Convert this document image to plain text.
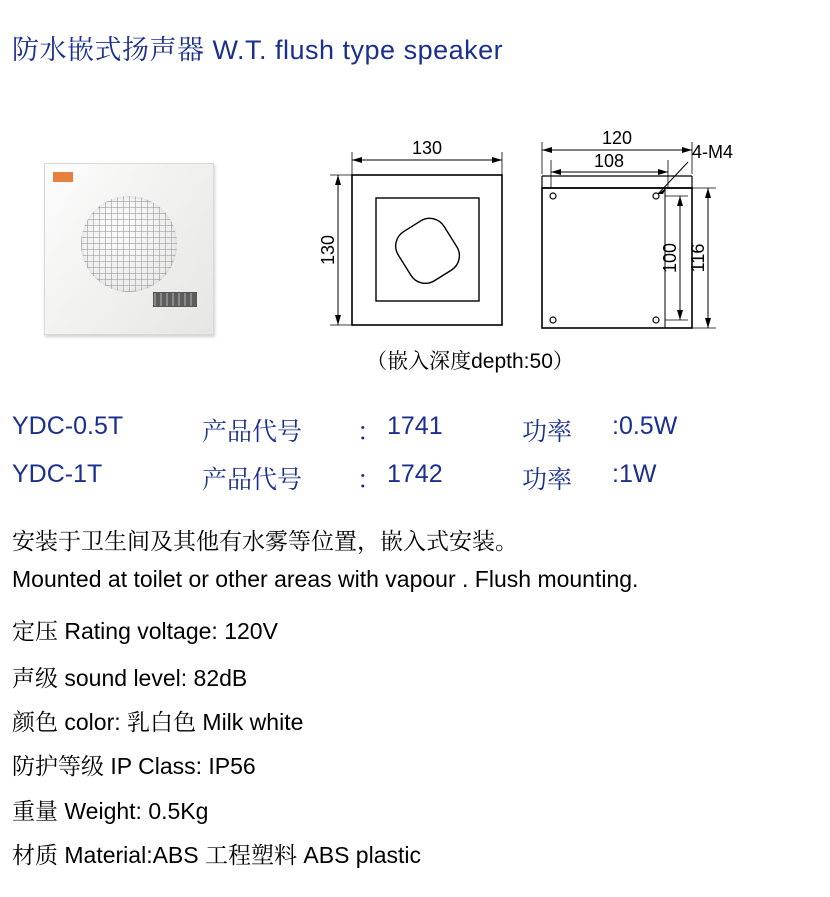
防水嵌式扬声器 W.T. flush type speaker
130
130
4-M4
120
108
100 116
（嵌入深度depth:50）
YDC-0.5T	产品代号 ： 1741	功率 :0.5W
YDC-1T	产品代号 ： 1742	功率 :1W
安装于卫生间及其他有水雾等位置，嵌入式安装。
Mounted at toilet or other areas with vapour . Flush mounting.
定压 Rating voltage: 120V
声级 sound level: 82dB
颜色 color: 乳白色 Milk white
防护等级 IP Class: IP56
重量 Weight: 0.5Kg
材质 Material:ABS 工程塑料 ABS plastic
